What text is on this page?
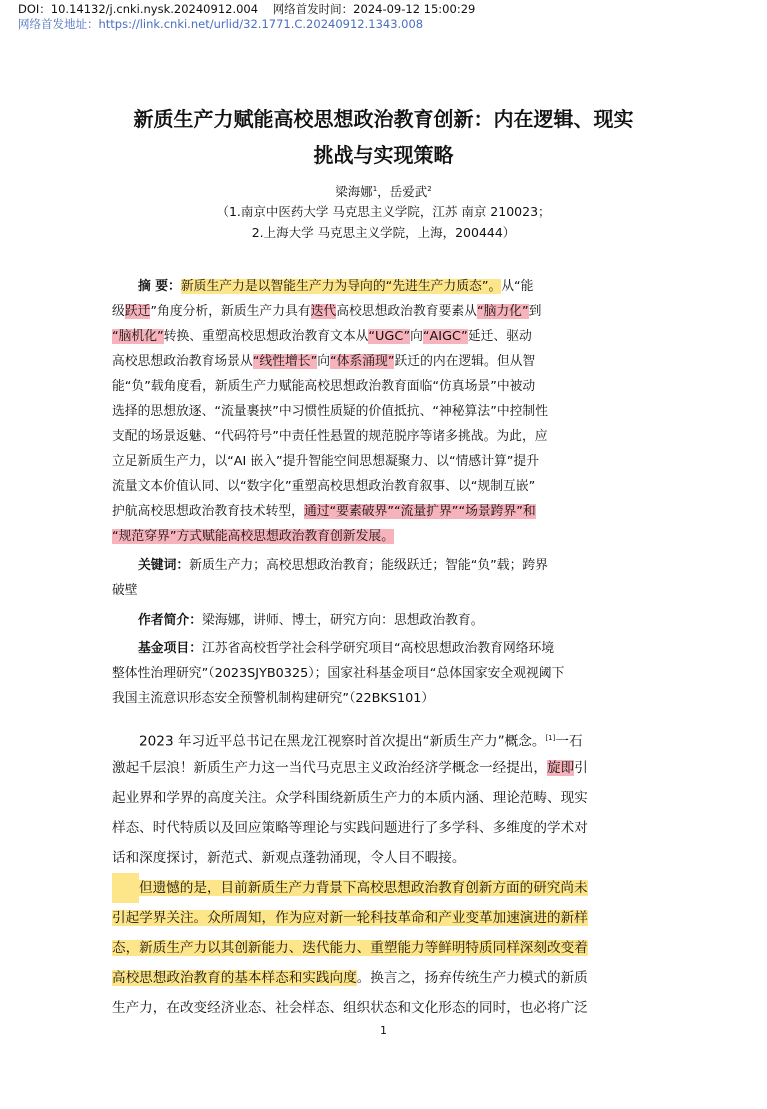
DOI：10.14132/j.cnki.nysk.20240912.004 网络首发时间：2024-09-12 15:00:29
网络首发地址：https://link.cnki.net/urlid/32.1771.C.20240912.1343.008
新质生产力赋能高校思想政治教育创新：内在逻辑、现实
挑战与实现策略
梁海娜$^1$，岳爱武$^2$
（1.南京中医药大学 马克思主义学院，江苏 南京 210023；
2.上海大学 马克思主义学院，上海，200444）
摘 要：新质生产力是以智能生产力为导向的“先进生产力质态”。从“能
级跃迁”角度分析，新质生产力具有迭代高校思想政治教育要素从“脑力化”到
“脑机化”转换、重塑高校思想政治教育文本从“UGC”向“AIGC”延迁、驱动
高校思想政治教育场景从“线性增长”向“体系涌现”跃迁的内在逻辑。但从智
能“负”载角度看，新质生产力赋能高校思想政治教育面临“仿真场景”中被动
选择的思想放逐、“流量裹挟”中习惯性质疑的价值抵抗、“神秘算法”中控制性
支配的场景返魅、“代码符号”中责任性悬置的规范脱序等诸多挑战。为此，应
立足新质生产力，以“AI 嵌入”提升智能空间思想凝聚力、以“情感计算”提升
流量文本价值认同、以“数字化”重塑高校思想政治教育叙事、以“规制互嵌”
护航高校思想政治教育技术转型，通过“要素破界”“流量扩界”“场景跨界”和
“规范穿界”方式赋能高校思想政治教育创新发展。
关键词：新质生产力；高校思想政治教育；能级跃迁；智能“负”载；跨界
破壁
作者简介：梁海娜，讲师、博士，研究方向：思想政治教育。
基金项目：江苏省高校哲学社会科学研究项目“高校思想政治教育网络环境
整体性治理研究”（2023SJYB0325）；国家社科基金项目“总体国家安全观视阈下
我国主流意识形态安全预警机制构建研究”（22BKS101）
2023 年习近平总书记在黑龙江视察时首次提出“新质生产力”概念。[1]一石
激起千层浪！新质生产力这一当代马克思主义政治经济学概念一经提出，旋即引
起业界和学界的高度关注。众学科围绕新质生产力的本质内涵、理论范畴、现实
样态、时代特质以及回应策略等理论与实践问题进行了多学科、多维度的学术对
话和深度探讨，新范式、新观点蓬勃涌现，令人目不暇接。
但遗憾的是，目前新质生产力背景下高校思想政治教育创新方面的研究尚未
引起学界关注。众所周知，作为应对新一轮科技革命和产业变革加速演进的新样
态，新质生产力以其创新能力、迭代能力、重塑能力等鲜明特质同样深刻改变着
高校思想政治教育的基本样态和实践向度。换言之，扬弃传统生产力模式的新质
生产力，在改变经济业态、社会样态、组织状态和文化形态的同时，也必将广泛
1
